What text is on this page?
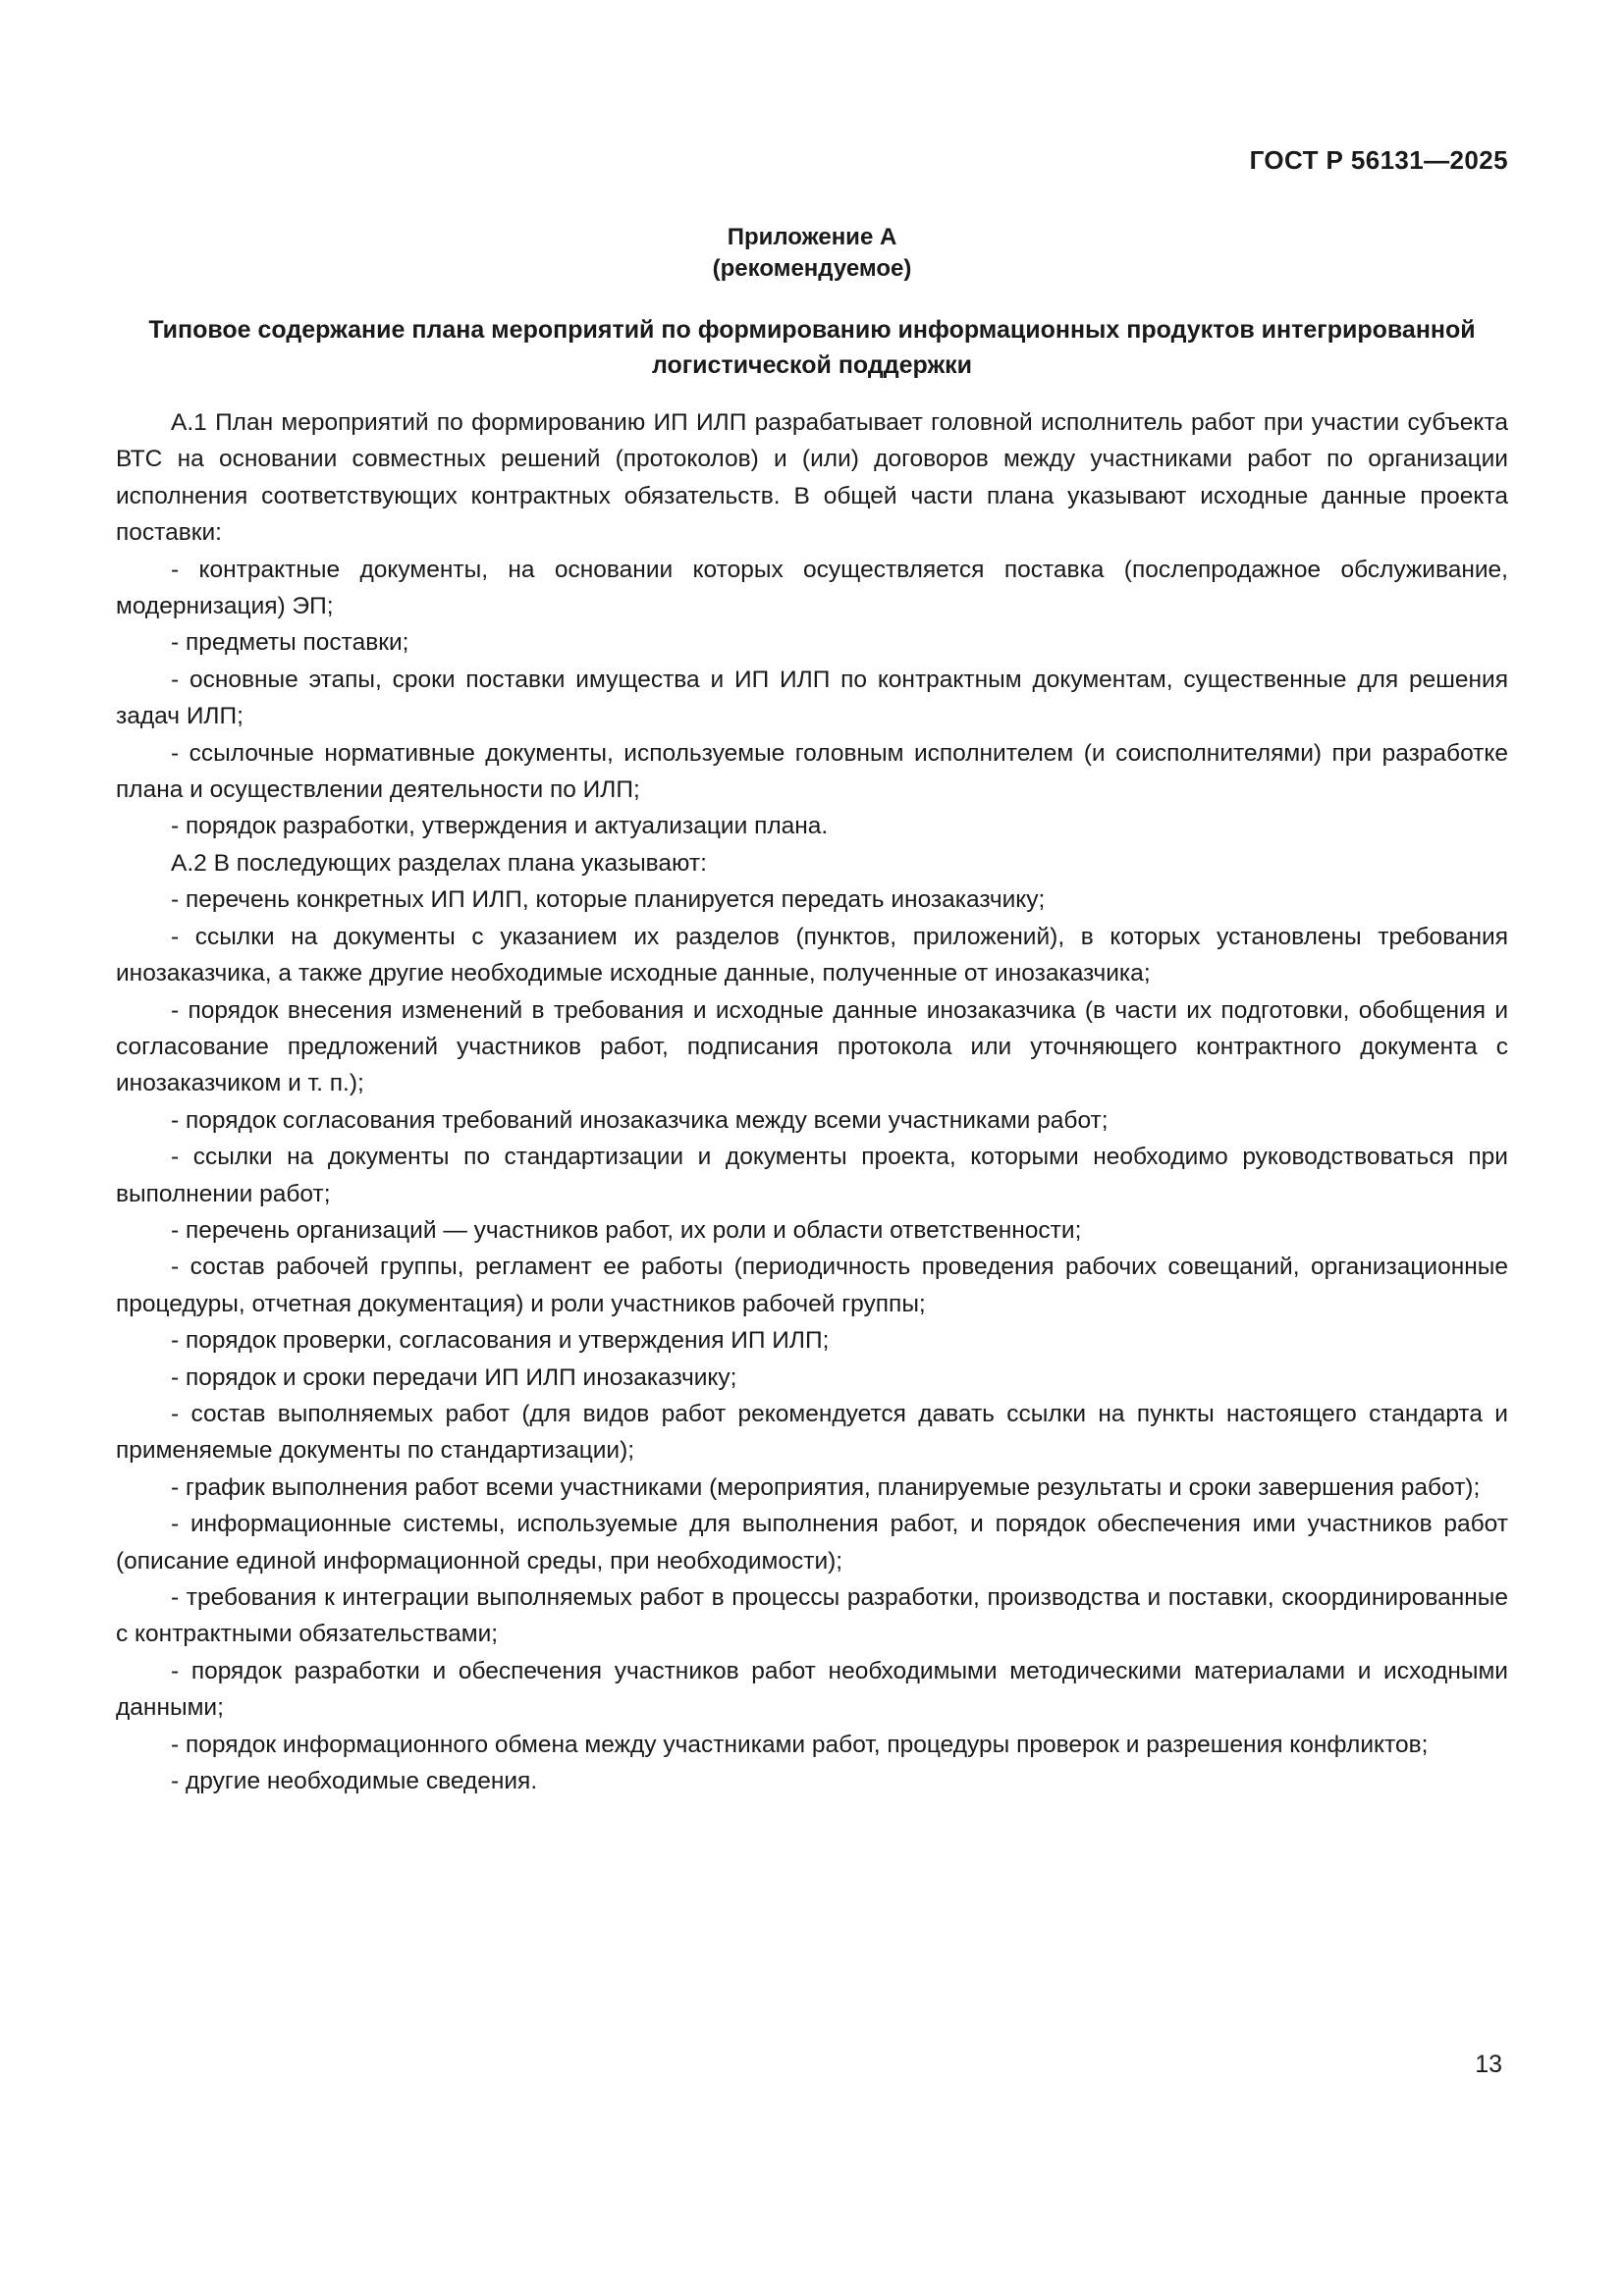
ГОСТ Р 56131—2025
Приложение А
(рекомендуемое)
Типовое содержание плана мероприятий по формированию информационных продуктов интегрированной логистической поддержки

А.1 План мероприятий по формированию ИП ИЛП разрабатывает головной исполнитель работ при участии субъекта ВТС на основании совместных решений (протоколов) и (или) договоров между участниками работ по организации исполнения соответствующих контрактных обязательств. В общей части плана указывают исходные данные проекта поставки:

- контрактные документы, на основании которых осуществляется поставка (послепродажное обслуживание, модернизация) ЭП;

- предметы поставки;

- основные этапы, сроки поставки имущества и ИП ИЛП по контрактным документам, существенные для решения задач ИЛП;

- ссылочные нормативные документы, используемые головным исполнителем (и соисполнителями) при разработке плана и осуществлении деятельности по ИЛП;

- порядок разработки, утверждения и актуализации плана.

А.2 В последующих разделах плана указывают:

- перечень конкретных ИП ИЛП, которые планируется передать инозаказчику;

- ссылки на документы с указанием их разделов (пунктов, приложений), в которых установлены требования инозаказчика, а также другие необходимые исходные данные, полученные от инозаказчика;

- порядок внесения изменений в требования и исходные данные инозаказчика (в части их подготовки, обобщения и согласование предложений участников работ, подписания протокола или уточняющего контрактного документа с инозаказчиком и т. п.);

- порядок согласования требований инозаказчика между всеми участниками работ;

- ссылки на документы по стандартизации и документы проекта, которыми необходимо руководствоваться при выполнении работ;

- перечень организаций — участников работ, их роли и области ответственности;

- состав рабочей группы, регламент ее работы (периодичность проведения рабочих совещаний, организационные процедуры, отчетная документация) и роли участников рабочей группы;

- порядок проверки, согласования и утверждения ИП ИЛП;

- порядок и сроки передачи ИП ИЛП инозаказчику;

- состав выполняемых работ (для видов работ рекомендуется давать ссылки на пункты настоящего стандарта и применяемые документы по стандартизации);

- график выполнения работ всеми участниками (мероприятия, планируемые результаты и сроки завершения работ);

- информационные системы, используемые для выполнения работ, и порядок обеспечения ими участников работ (описание единой информационной среды, при необходимости);

- требования к интеграции выполняемых работ в процессы разработки, производства и поставки, скоординированные с контрактными обязательствами;

- порядок разработки и обеспечения участников работ необходимыми методическими материалами и исходными данными;

- порядок информационного обмена между участниками работ, процедуры проверок и разрешения конфликтов;

- другие необходимые сведения.

13
